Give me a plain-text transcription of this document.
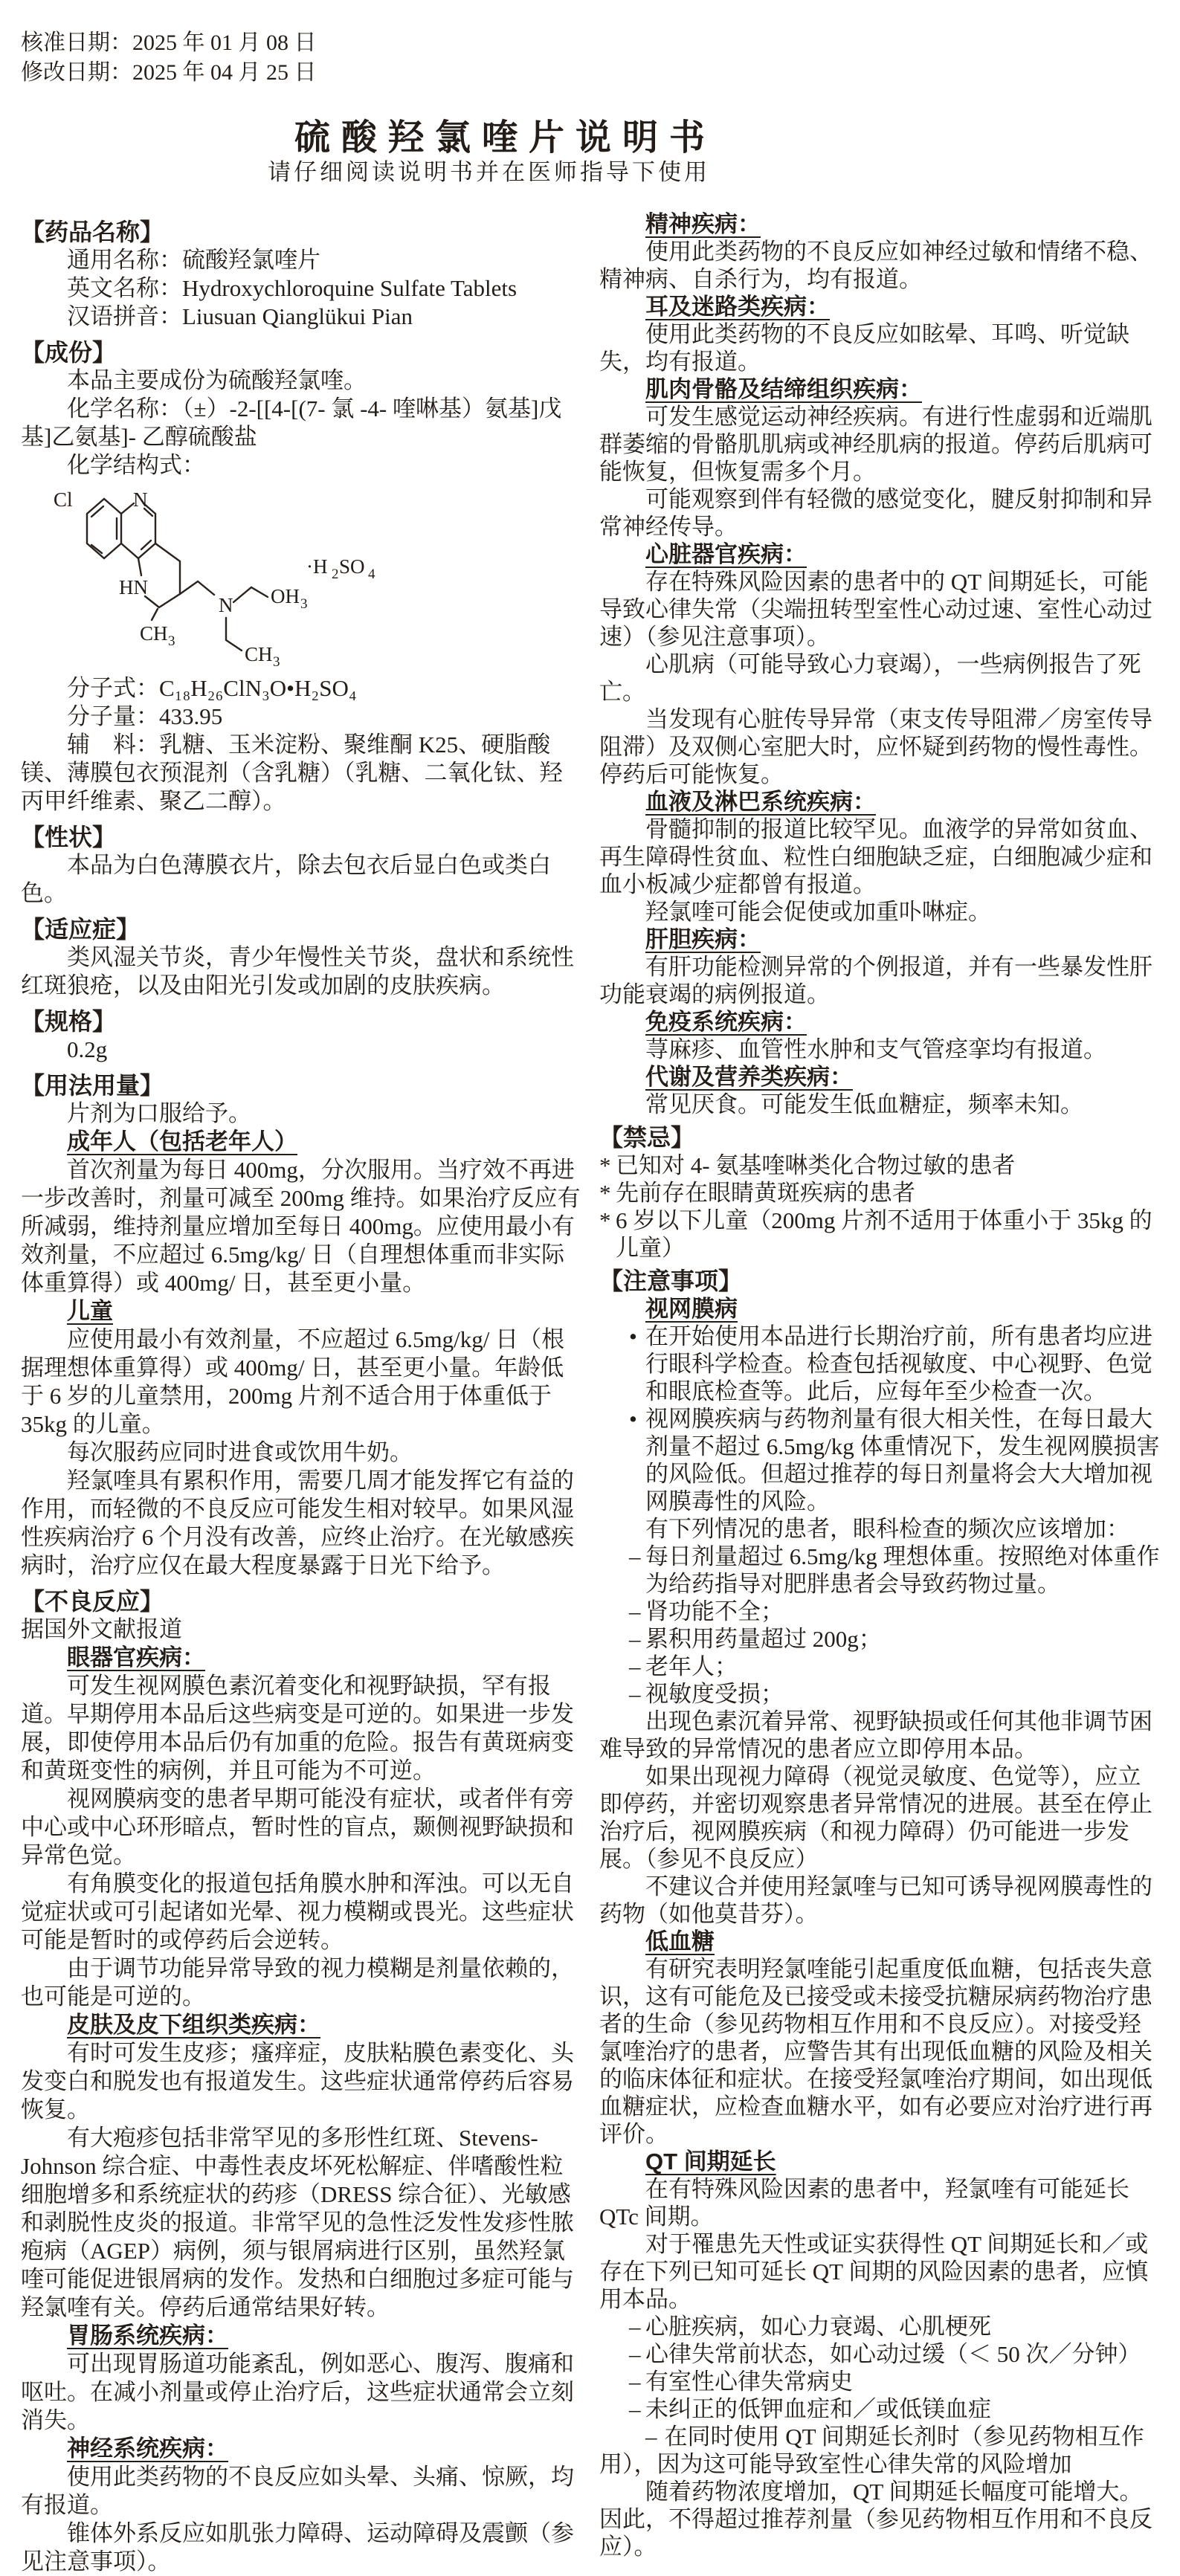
核准日期：2025 年 01 月 08 日
修改日期：2025 年 04 月 25 日
硫酸羟氯喹片说明书
请仔细阅读说明书并在医师指导下使用
【药品名称】
通用名称：硫酸羟氯喹片
英文名称：Hydroxychloroquine Sulfate Tablets
汉语拼音：Liusuan Qianglükui Pian
【成份】
本品主要成份为硫酸羟氯喹。
化学名称：（±）-2-[[4-[(7- 氯 -4- 喹啉基）氨基]戊基]乙氨基]- 乙醇硫酸盐
化学结构式：
Cl	N
HN
CH 3
N OH 3
CH 3
·H 2 SO 4
分子式：C₁₈H₂₆ClN₃O•H₂SO₄
分子量：433.95
辅　料：乳糖、玉米淀粉、聚维酮 K25、硬脂酸镁、薄膜包衣预混剂（含乳糖）（乳糖、二氧化钛、羟丙甲纤维素、聚乙二醇）。
【性状】
本品为白色薄膜衣片，除去包衣后显白色或类白色。
【适应症】
类风湿关节炎，青少年慢性关节炎，盘状和系统性红斑狼疮，以及由阳光引发或加剧的皮肤疾病。
【规格】
0.2g
【用法用量】
片剂为口服给予。
成年人（包括老年人）
首次剂量为每日 400mg，分次服用。当疗效不再进一步改善时，剂量可减至 200mg 维持。如果治疗反应有所减弱，维持剂量应增加至每日 400mg。应使用最小有效剂量，不应超过 6.5mg/kg/ 日（自理想体重而非实际体重算得）或 400mg/ 日，甚至更小量。
儿童
应使用最小有效剂量，不应超过 6.5mg/kg/ 日（根据理想体重算得）或 400mg/ 日，甚至更小量。年龄低于 6 岁的儿童禁用，200mg 片剂不适合用于体重低于 35kg 的儿童。
每次服药应同时进食或饮用牛奶。
羟氯喹具有累积作用，需要几周才能发挥它有益的作用，而轻微的不良反应可能发生相对较早。如果风湿性疾病治疗 6 个月没有改善，应终止治疗。在光敏感疾病时，治疗应仅在最大程度暴露于日光下给予。
【不良反应】
据国外文献报道
眼器官疾病：
可发生视网膜色素沉着变化和视野缺损，罕有报道。早期停用本品后这些病变是可逆的。如果进一步发展，即使停用本品后仍有加重的危险。报告有黄斑病变和黄斑变性的病例，并且可能为不可逆。
视网膜病变的患者早期可能没有症状，或者伴有旁中心或中心环形暗点，暂时性的盲点，颞侧视野缺损和异常色觉。
有角膜变化的报道包括角膜水肿和浑浊。可以无自觉症状或可引起诸如光晕、视力模糊或畏光。这些症状可能是暂时的或停药后会逆转。
由于调节功能异常导致的视力模糊是剂量依赖的，也可能是可逆的。
皮肤及皮下组织类疾病：
有时可发生皮疹；瘙痒症，皮肤粘膜色素变化、头发变白和脱发也有报道发生。这些症状通常停药后容易恢复。
有大疱疹包括非常罕见的多形性红斑、Stevens-Johnson 综合症、中毒性表皮坏死松解症、伴嗜酸性粒细胞增多和系统症状的药疹（DRESS 综合征）、光敏感和剥脱性皮炎的报道。非常罕见的急性泛发性发疹性脓疱病（AGEP）病例，须与银屑病进行区别，虽然羟氯喹可能促进银屑病的发作。发热和白细胞过多症可能与羟氯喹有关。停药后通常结果好转。
胃肠系统疾病：
可出现胃肠道功能紊乱，例如恶心、腹泻、腹痛和呕吐。在减小剂量或停止治疗后，这些症状通常会立刻消失。
神经系统疾病：
使用此类药物的不良反应如头晕、头痛、惊厥，均有报道。
锥体外系反应如肌张力障碍、运动障碍及震颤（参见注意事项）。
精神疾病：
使用此类药物的不良反应如神经过敏和情绪不稳、精神病、自杀行为，均有报道。
耳及迷路类疾病：
使用此类药物的不良反应如眩晕、耳鸣、听觉缺失，均有报道。
肌肉骨骼及结缔组织疾病：
可发生感觉运动神经疾病。有进行性虚弱和近端肌群萎缩的骨骼肌肌病或神经肌病的报道。停药后肌病可能恢复，但恢复需多个月。
可能观察到伴有轻微的感觉变化，腱反射抑制和异常神经传导。
心脏器官疾病：
存在特殊风险因素的患者中的 QT 间期延长，可能导致心律失常（尖端扭转型室性心动过速、室性心动过速）（参见注意事项）。
心肌病（可能导致心力衰竭），一些病例报告了死亡。
当发现有心脏传导异常（束支传导阻滞／房室传导阻滞）及双侧心室肥大时，应怀疑到药物的慢性毒性。停药后可能恢复。
血液及淋巴系统疾病：
骨髓抑制的报道比较罕见。血液学的异常如贫血、再生障碍性贫血、粒性白细胞缺乏症，白细胞减少症和血小板减少症都曾有报道。
羟氯喹可能会促使或加重卟啉症。
肝胆疾病：
有肝功能检测异常的个例报道，并有一些暴发性肝功能衰竭的病例报道。
免疫系统疾病：
荨麻疹、血管性水肿和支气管痉挛均有报道。
代谢及营养类疾病：
常见厌食。可能发生低血糖症，频率未知。
【禁忌】
* 已知对 4- 氨基喹啉类化合物过敏的患者
* 先前存在眼睛黄斑疾病的患者
* 6 岁以下儿童（200mg 片剂不适用于体重小于 35kg 的儿童）
【注意事项】
视网膜病
• 在开始使用本品进行长期治疗前，所有患者均应进行眼科学检查。检查包括视敏度、中心视野、色觉和眼底检查等。此后，应每年至少检查一次。
• 视网膜疾病与药物剂量有很大相关性，在每日最大剂量不超过 6.5mg/kg 体重情况下，发生视网膜损害的风险低。但超过推荐的每日剂量将会大大增加视网膜毒性的风险。
有下列情况的患者，眼科检查的频次应该增加：
– 每日剂量超过 6.5mg/kg 理想体重。按照绝对体重作为给药指导对肥胖患者会导致药物过量。
– 肾功能不全；
– 累积用药量超过 200g；
– 老年人；
– 视敏度受损；
出现色素沉着异常、视野缺损或任何其他非调节困难导致的异常情况的患者应立即停用本品。
如果出现视力障碍（视觉灵敏度、色觉等），应立即停药，并密切观察患者异常情况的进展。甚至在停止治疗后，视网膜疾病（和视力障碍）仍可能进一步发展。（参见不良反应）
不建议合并使用羟氯喹与已知可诱导视网膜毒性的药物（如他莫昔芬）。
低血糖
有研究表明羟氯喹能引起重度低血糖，包括丧失意识，这有可能危及已接受或未接受抗糖尿病药物治疗患者的生命（参见药物相互作用和不良反应）。对接受羟氯喹治疗的患者，应警告其有出现低血糖的风险及相关的临床体征和症状。在接受羟氯喹治疗期间，如出现低血糖症状，应检查血糖水平，如有必要应对治疗进行再评价。
QT 间期延长
在有特殊风险因素的患者中，羟氯喹有可能延长 QTc 间期。
对于罹患先天性或证实获得性 QT 间期延长和／或存在下列已知可延长 QT 间期的风险因素的患者，应慎用本品。
– 心脏疾病，如心力衰竭、心肌梗死
– 心律失常前状态，如心动过缓（＜ 50 次／分钟）
– 有室性心律失常病史
– 未纠正的低钾血症和／或低镁血症
– 在同时使用 QT 间期延长剂时（参见药物相互作用），因为这可能导致室性心律失常的风险增加
随着药物浓度增加，QT 间期延长幅度可能增大。因此，不得超过推荐剂量（参见药物相互作用和不良反应）。
